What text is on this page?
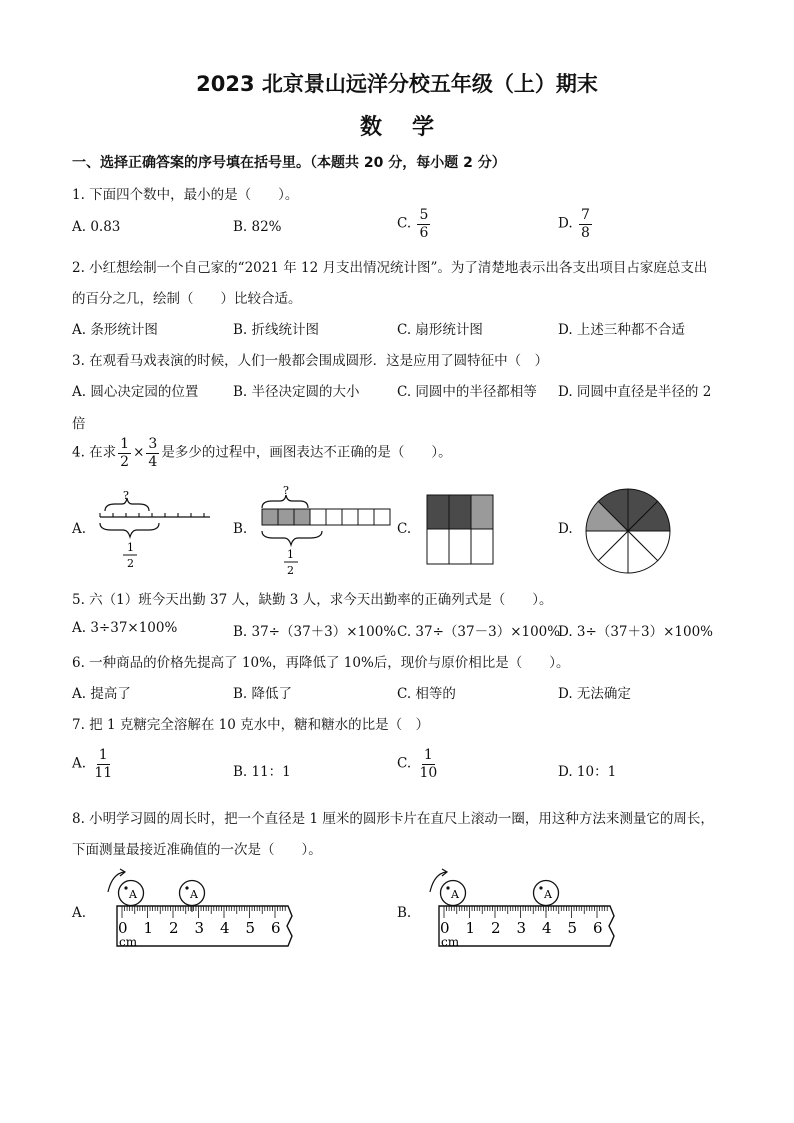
2023 北京景山远洋分校五年级（上）期末
数学
一、选择正确答案的序号填在括号里。（本题共 20 分，每小题 2 分）
1. 下面四个数中，最小的是（　　）。
A. 0.83	B. 82%	C. $\frac{5}{6}$	D. $\frac{7}{8}$
2. 小红想绘制一个自己家的“2021 年 12 月支出情况统计图”。为了清楚地表示出各支出项目占家庭总支出
的百分之几，绘制（　　）比较合适。
A. 条形统计图	B. 折线统计图	C. 扇形统计图	D. 上述三种都不合适
3. 在观看马戏表演的时候，人们一般都会围成圆形．这是应用了圆特征中（　）
A. 圆心决定园的位置	B. 半径决定圆的大小	C. 同圆中的半径都相等 D. 同圆中直径是半径的 2
倍
4. 在求 $\frac{1}{2} \times \frac{3}{4}$ 是多少的过程中，画图表达不正确的是（　　）。
A.
?
1
2
B.
?
1
2
C.	D.
5. 六（1）班今天出勤 37 人，缺勤 3 人，求今天出勤率的正确列式是（　　）。
A. 3÷37×100%	B. 37÷（37＋3）×100% C. 37÷（37－3）×100%
D. 3÷（37＋3）×100%
6. 一种商品的价格先提高了 10%，再降低了 10%后，现价与原价相比是（　　）。
A. 提高了	B. 降低了	C. 相等的	D. 无法确定
7. 把 1 克糖完全溶解在 10 克水中，糖和糖水的比是（　）
A. $\frac{1}{11}$	B. 11：1
C. $\frac{1}{10}$	D. 10：1
8. 小明学习圆的周长时，把一个直径是 1 厘米的圆形卡片在直尺上滚动一圈，用这种方法来测量它的周长，
下面测量最接近准确值的一次是（　　）。
A.
0 1 2 3 4 5 6
cm
A	A
B.
0 1 2 3 4 5 6
cm
A	A
